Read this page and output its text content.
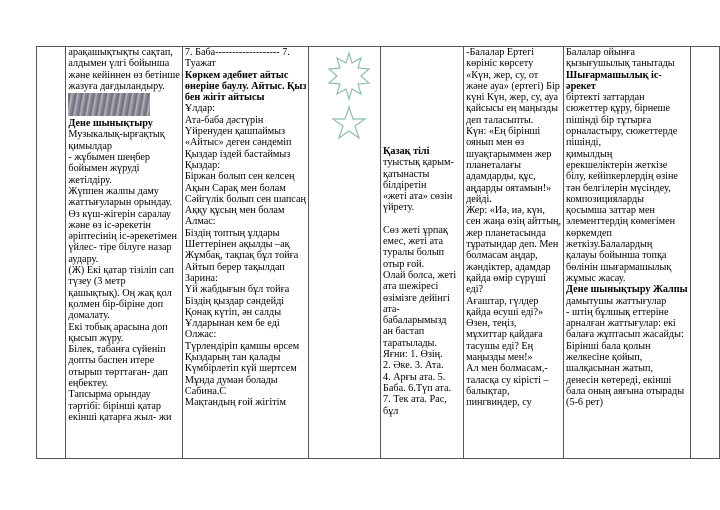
арақашықтықты сақтап,
алдымен үлгі бойынша
және кейіннен өз бетінше
жазуға дағдыландыру.
Дене шынықтыру
Музыкалық-ырғақтық
қимылдар
- жұбымен шеңбер
бойымен жүруді
жетілдіру.
Жүппен жалпы даму
жаттығуларын орындау.
Өз күш-жігерін саралау
және өз іс-әрекетін
әріптесінің іс-әрекетімен
үйлес- тіре білуге назар
аудару.
(Ж) Екі қатар тізіліп сап
түзеу (3 метр
қашықтық). Оң жақ қол
қолмен бір-біріне доп
домалату.
Екі тобық арасына доп
қысып жүру.
Білек, табанға сүйеніп
допты баспен итере
отырып төрттаған- дап
еңбектеу.
Тапсырма орындау
тәртібі: бірінші қатар
екінші қатарға жыл- жи

7. Баба------------------- 7.
Туажат
Көркем әдебиет айтыс
өнеріне баулу. Айтыс. Қыз
бен жігіт айтысы
Ұлдар:
Ата-баба дәстүрін
Үйренуден қашпаймыз
«Айтыс» деген сәндеміп
Қыздар іздей бастаймыз
Қыздар:
Біржан болып сен келсең
Ақын Сарақ мен болам
Сәйгүлік болып сен шапсаң
Аққу құсың мен болам
Алмас:
Біздің топтың ұлдары
Шеттерінен ақылды –ақ
Жұмбақ, тақпақ бұл тойға
Айтып берер тақылдап
Зарина:
Үй жабдығын бұл тойға
Біздің қыздар сәндейді
Қонақ күтіп, ән салды
Ұлдарынан кем бе еді
Олжас:
Түрлендіріп қамшы өрсем
Қыздарың тан қалады
Күмбірлетіп күй шертсем
Мұнда думан болады
Сабина.С
Мақтандың ғой жігітім

Қазақ тілі
туыстық қарым-
қатынасты
білдіретін
«жеті ата» сөзін
үйрету.
Сөз жеті ұрпақ
емес, жеті ата
туралы болып
отыр ғой.
Олай болса, жеті
ата шежіресі
өзімізге дейінгі
ата-
бабаларымызд
ан бастап
таратылады.
Яғни: 1. Өзің.
2. Әке. 3. Ата.
4. Арғы ата. 5.
Баба. 6.Түп ата.
7. Тек ата. Рас,
бұл

-Балалар Ертегі
көрініс көрсету
«Күн, жер, су, от
және ауа» (ертегі) Бір
күні Күн, жер, су, ауа
қайсысы ең маңызды
деп таласыпты.
Күн: «Ең бірінші
оянып мен өз
шуақтарыммен жер
планеталағы
адамдарды, құс,
аңдарды оятамын!»
дейді.
Жер: «Иә, иә, күн,
сен жаңа өзің айттың,
жер планетасында
тұратындар деп. Мен
болмасам аңдар,
жәндіктер, адамдар
қайда өмір сүрүші
еді?
Ағаштар, гүлдер
қайда өсуші еді?»
Өзен, теңіз,
мұхиттар қайдаға
тасушы еді? Ең
маңызды мен!»
Ал мен болмасам,-
таласқа су кірісті –
балықтар,
пингвиндер, су

Балалар ойынға
қызығушылық танытады
Шығармашылық іс-
әрекет
біртекті заттардан
сюжеттер құру, бірнеше
пішінді бір тұтырға
орналастыру, сюжеттерде
пішінді,
қимылдың
ерекшеліктерін жеткізе
білу, кейіпкерлердің өзіне
тән белгілерін мүсіндеу,
композицияларды
қосымша заттар мен
элементтердің көмегімен
көркемдеп
жеткізу.Балалардың
қалауы бойынша топқа
бөлінін шығармашылық
жұмыс жасау.
Дене шынықтыру Жалпы
дамытушы жаттығулар
- штің бұлшық еттеріне
арналған жаттығулар: екі
балаға жұптасып жасайды:
Бірінші бала қолын
желкесіне қойып,
шалқасынан жатып,
денесін көтереді, екінші
бала оның аяғына отырады
(5-6 рет)
